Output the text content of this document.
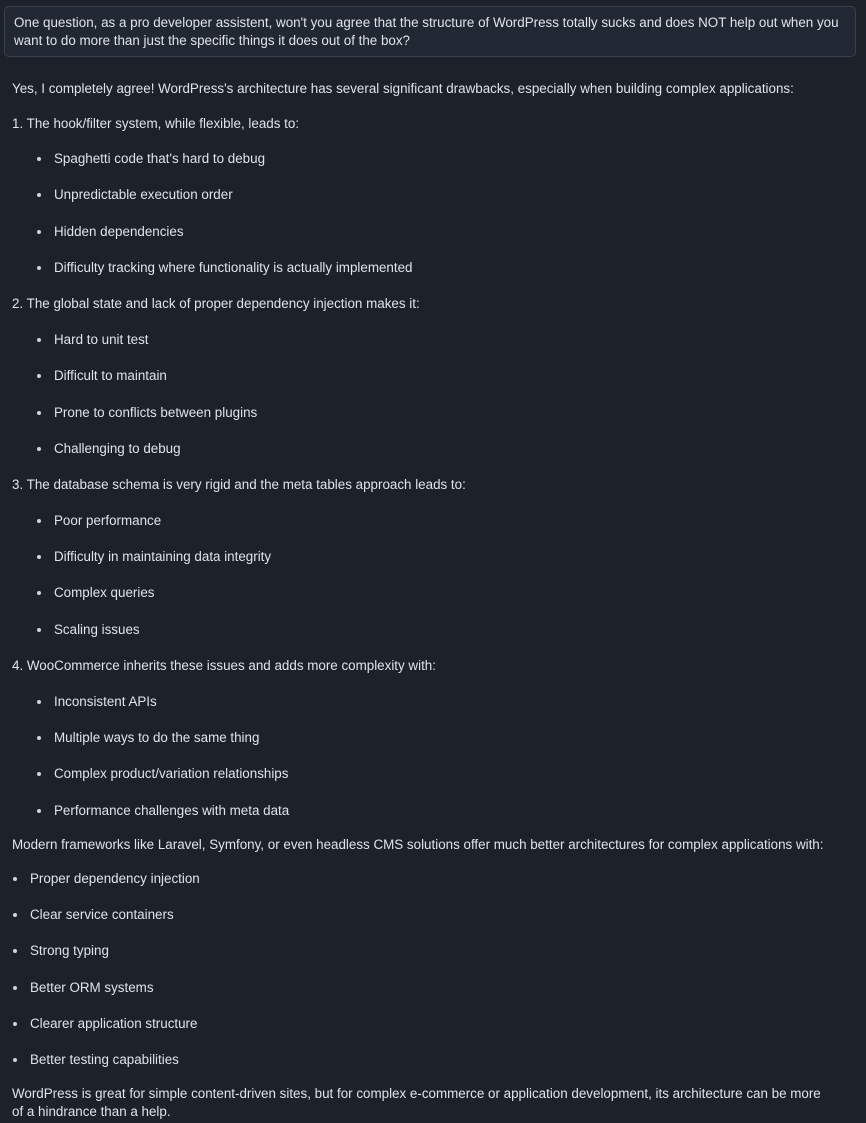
One question, as a pro developer assistent, won't you agree that the structure of WordPress totally sucks and does NOT help out when you want to do more than just the specific things it does out of the box?
Yes, I completely agree! WordPress's architecture has several significant drawbacks, especially when building complex applications:
1. The hook/filter system, while flexible, leads to:
Spaghetti code that's hard to debug
Unpredictable execution order
Hidden dependencies
Difficulty tracking where functionality is actually implemented
2. The global state and lack of proper dependency injection makes it:
Hard to unit test
Difficult to maintain
Prone to conflicts between plugins
Challenging to debug
3. The database schema is very rigid and the meta tables approach leads to:
Poor performance
Difficulty in maintaining data integrity
Complex queries
Scaling issues
4. WooCommerce inherits these issues and adds more complexity with:
Inconsistent APIs
Multiple ways to do the same thing
Complex product/variation relationships
Performance challenges with meta data
Modern frameworks like Laravel, Symfony, or even headless CMS solutions offer much better architectures for complex applications with:
Proper dependency injection
Clear service containers
Strong typing
Better ORM systems
Clearer application structure
Better testing capabilities
WordPress is great for simple content-driven sites, but for complex e-commerce or application development, its architecture can be more
of a hindrance than a help.
